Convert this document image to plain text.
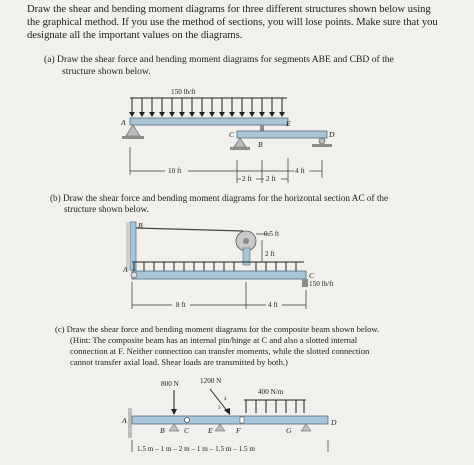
Draw the shear and bending moment diagrams for three different structures shown below using
the graphical method. If you use the method of sections, you will lose points. Make sure that you
designate all the important values on the diagrams.
(a) Draw the shear force and bending moment diagrams for segments ABE and CBD of the
structure shown below.
150 lb/ft
A	E
C	D
B
10 ft	4 ft
2 ft 2 ft
(b) Draw the shear force and bending moment diagrams for the horizontal section AC of the
structure shown below.
B
0.5 ft
2 ft
A
C
150 lb/ft
8 ft	4 ft
(c) Draw the shear force and bending moment diagrams for the composite beam shown below.
(Hint: The composite beam has an internal pin/hinge at C and also a slotted internal
connection at F. Neither connection can transfer moments, while the slotted connection
cannot transfer axial load. Shear loads are transmitted by both.)
800 N	1200 N
400 N/m
4
3
A	D
B	C E	F	G
1.5 m – 1 m – 2 m – 1 m – 1.5 m – 1.5 m
